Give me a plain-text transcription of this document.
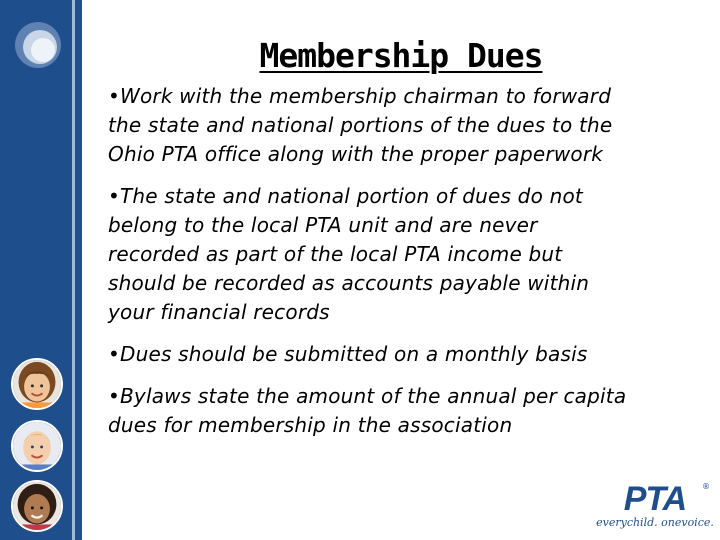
Membership Dues
•Work with the membership chairman to forward the state and national portions of the dues to the Ohio PTA office along with the proper paperwork
•The state and national portion of dues do not belong to the local PTA unit and are never recorded as part of the local PTA income but should be recorded as accounts payable within your financial records
•Dues should be submitted on a monthly basis
•Bylaws state the amount of the annual per capita dues for membership in the association
PTA	®
everychild. onevoice.
